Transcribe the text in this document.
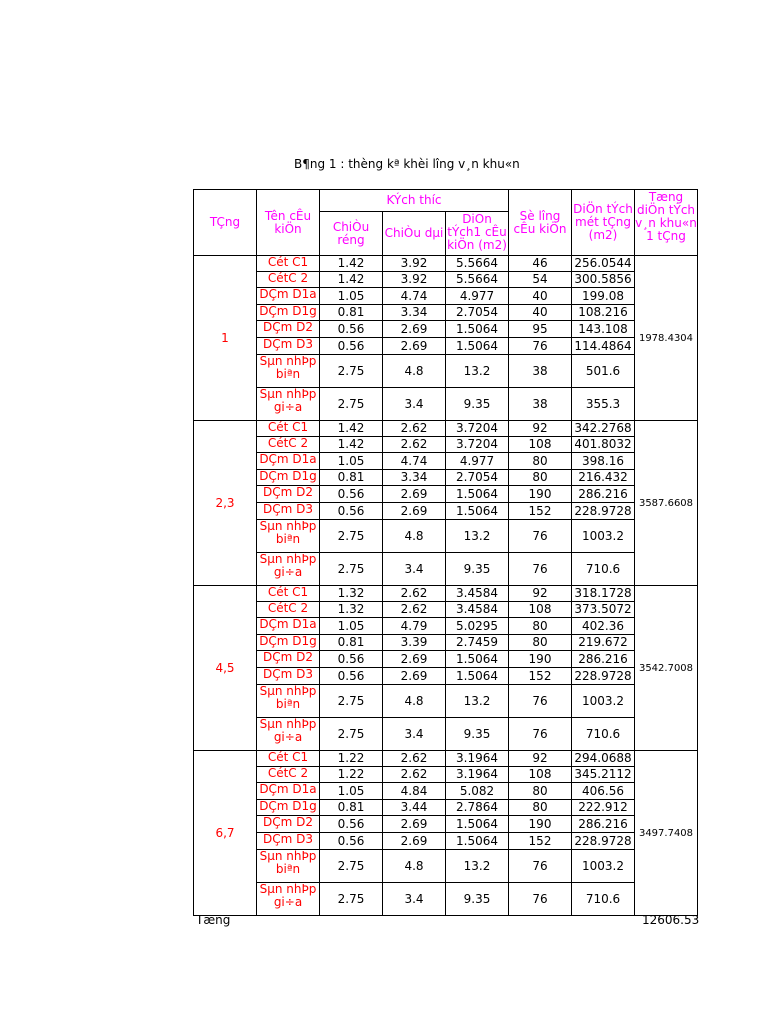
B¶ng 1 : thèng kª khèi lîng v¸n khu«n
TÇng	Tên cÊu kiÖn	KÝch thíc			Sè lîng cÊu kiÖn	DiÖn tÝch mét tÇng (m2)	Tæng diÖn tÝch v¸n khu«n 1 tÇng

		ChiÒu réng	ChiÒu dµi	DiÖn tÝch1 cÊu kiÖn (m2)			

1	Cét C1	1.42	3.92	5.5664	46	256.0544	1978.4304

	CétC 2	1.42	3.92	5.5664	54	300.5856	

	DÇm D1a	1.05	4.74	4.977	40	199.08	

	DÇm D1g	0.81	3.34	2.7054	40	108.216	

	DÇm D2	0.56	2.69	1.5064	95	143.108	

	DÇm D3	0.56	2.69	1.5064	76	114.4864	

	Sµn nhÞp biªn	2.75	4.8	13.2	38	501.6	

	Sµn nhÞp gi÷a	2.75	3.4	9.35	38	355.3	
2,3	Cét C1	1.42	2.62	3.7204	92	342.2768	3587.6608

	CétC 2	1.42	2.62	3.7204	108	401.8032	

	DÇm D1a	1.05	4.74	4.977	80	398.16	

	DÇm D1g	0.81	3.34	2.7054	80	216.432	

	DÇm D2	0.56	2.69	1.5064	190	286.216	

	DÇm D3	0.56	2.69	1.5064	152	228.9728	

	Sµn nhÞp biªn	2.75	4.8	13.2	76	1003.2	

	Sµn nhÞp gi÷a	2.75	3.4	9.35	76	710.6	
4,5	Cét C1	1.32	2.62	3.4584	92	318.1728	3542.7008

	CétC 2	1.32	2.62	3.4584	108	373.5072	

	DÇm D1a	1.05	4.79	5.0295	80	402.36	

	DÇm D1g	0.81	3.39	2.7459	80	219.672	

	DÇm D2	0.56	2.69	1.5064	190	286.216	

	DÇm D3	0.56	2.69	1.5064	152	228.9728	

	Sµn nhÞp biªn	2.75	4.8	13.2	76	1003.2	

	Sµn nhÞp gi÷a	2.75	3.4	9.35	76	710.6	
6,7	Cét C1	1.22	2.62	3.1964	92	294.0688	3497.7408

	CétC 2	1.22	2.62	3.1964	108	345.2112	

	DÇm D1a	1.05	4.84	5.082	80	406.56	

	DÇm D1g	0.81	3.44	2.7864	80	222.912	

	DÇm D2	0.56	2.69	1.5064	190	286.216	

	DÇm D3	0.56	2.69	1.5064	152	228.9728	

	Sµn nhÞp biªn	2.75	4.8	13.2	76	1003.2	

	Sµn nhÞp gi÷a	2.75	3.4	9.35	76	710.6	
Tæng	12606.53
